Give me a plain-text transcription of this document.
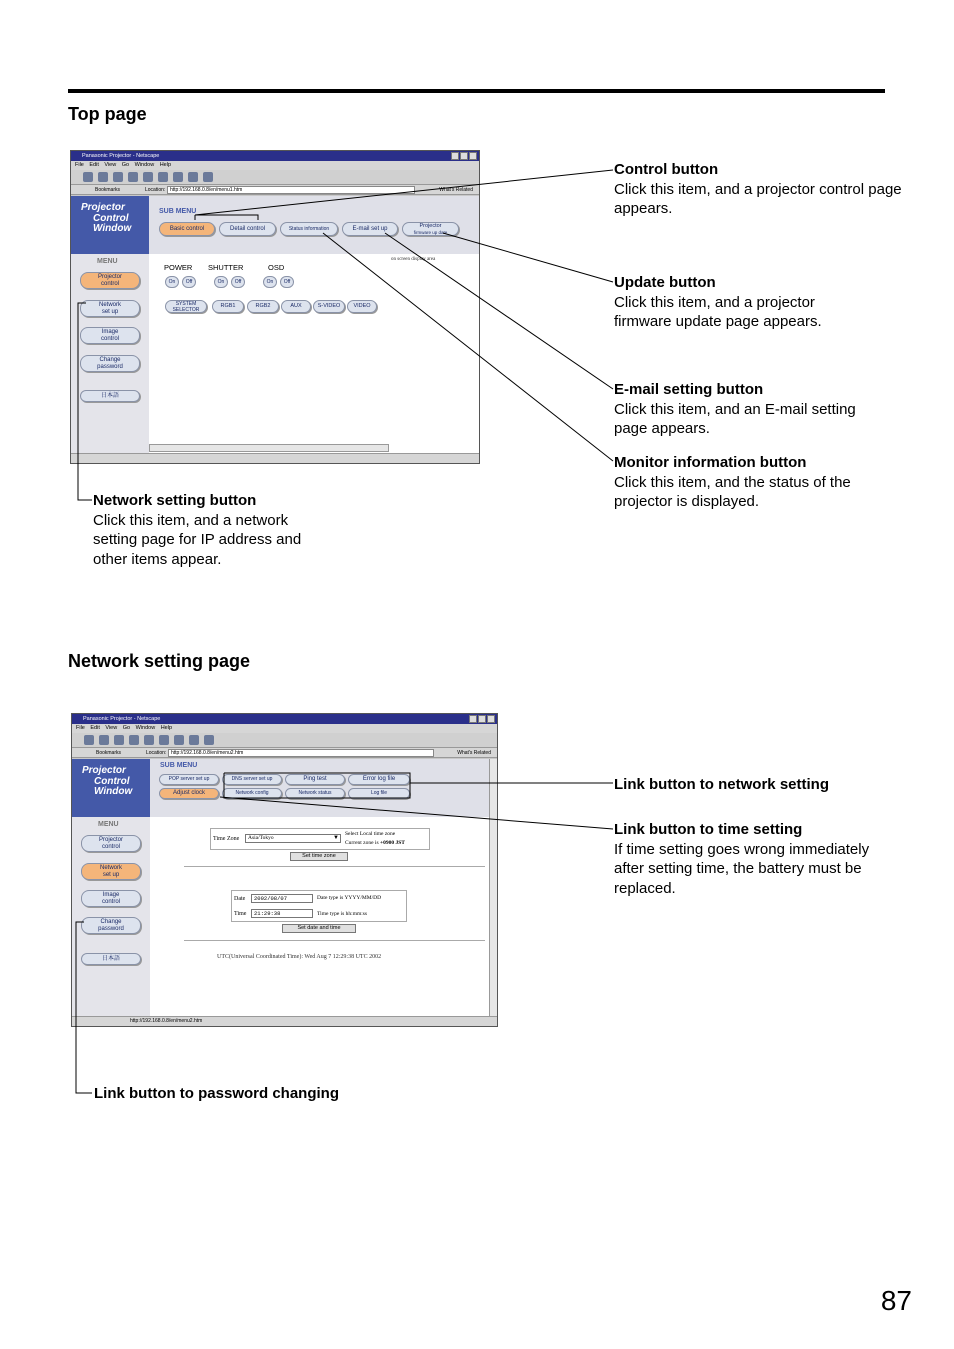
Top page
Network setting page
Panasonic Projector - Netscape
File Edit View Go Window Help
Bookmarks	Location: http://192.168.0.8/en/menu1.htm	What's Related
Projector
Control
Window
MENU
Projector
control
Network
set up
Image
control
Change
password
日本語
SUB MENU
Basic control	Detail control	Status information	E-mail set up	Projector
firmware up date
on screen display area
POWER SHUTTER	OSD
On	Off	On	Off	On	Off
SYSTEM
SELECTOR
RGB1	RGB2	AUX	S-VIDEO	VIDEO
Panasonic Projector - Netscape
File Edit View Go Window Help
Bookmarks	Location: http://192.168.0.8/en/menu2.htm	What's Related
Projector
Control
Window
MENU
Projector
control
Network
set up
Image
control
Change
password
日本語
SUB MENU
POP server set up	DNS server set up	Ping test	Error log file
Adjust clock	Network config	Network status	Log file
Time Zone	Asia/Tokyo	▼
Select Local time zone
Current zone is +0900 JST
Set time zone
Date	2002/08/07	Date type is YYYY/MM/DD
Time	21:29:38	Time type is hh:mm:ss
Set date and time
UTC(Universal Coordinated Time): Wed Aug 7 12:29:38 UTC 2002
http://192.168.0.8/en/menu2.htm
Control button
Click this item, and a projector control page appears.
Update button
Click this item, and a projector firmware update page appears.
E-mail setting button
Click this item, and an E-mail setting page appears.
Monitor information button
Click this item, and the status of the projector is displayed.
Network setting button
Click this item, and a network setting page for IP address and other items appear.
Link button to network setting
Link button to time setting
If time setting goes wrong immediately after setting time, the battery must be replaced.
Link button to password changing
87
